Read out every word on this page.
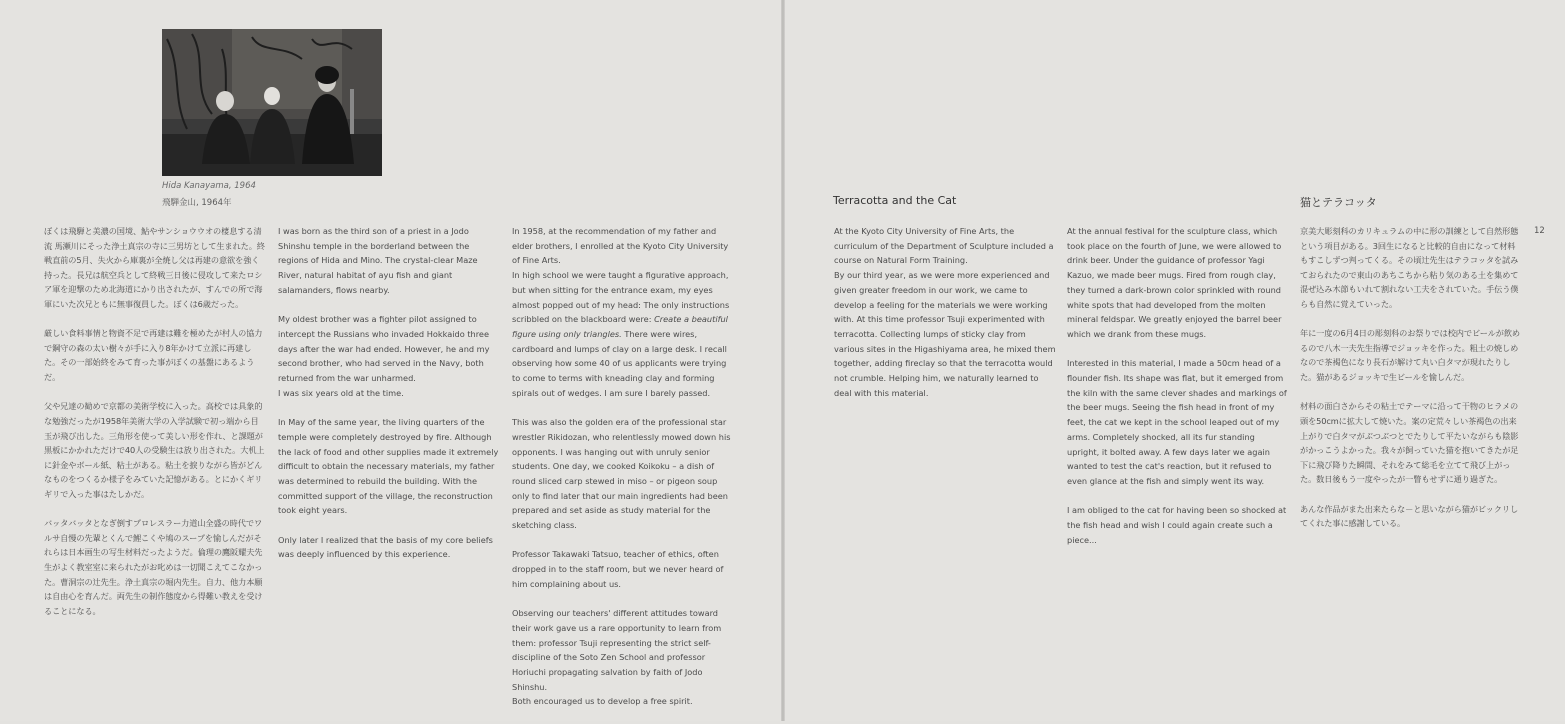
Hida Kanayama, 1964
飛騨金山, 1964年

ぼくは飛騨と美濃の国境、鮎やサンショウウオの棲息する清流 馬瀬川にそった浄土真宗の寺に三男坊として生まれた。終戦直前の5月、失火から庫裏が全焼し父は再建の意欲を強く持った。長兄は航空兵として終戦三日後に侵攻して来たロシア軍を迎撃のため北海道にかり出されたが、すんでの所で海軍にいた次兄ともに無事復員した。ぼくは6歳だった。

厳しい食料事情と物資不足で再建は難を極めたが村人の協力で鋼守の森の太い樹々が手に入り8年かけて立派に再建した。その一部始終をみて育った事がぼくの基盤にあるようだ。

父や兄達の勧めで京都の美術学校に入った。高校では具象的な勉強だったが1958年美術大学の入学試験で初っ端から目玉が飛び出した。三角形を使って美しい形を作れ、と課題が黒板にかかれただけで40人の受験生は放り出された。大机上に針金やボール紙、粘土がある。粘土を捩りながら皆がどんなものをつくるか様子をみていた記憶がある。とにかくギリギリで入った事はたしかだ。

バッタバッタとなぎ倒すプロレスラー力道山全盛の時代でワルサ自慢の先輩とくんで鯉こくや鳩のスープを愉しんだがそれらは日本画生の写生材料だったようだ。倫理の鷹阪耀夫先生がよく教室室に来られたがお叱めは一切聞こえてこなかった。曹洞宗の辻先生。浄土真宗の堀内先生。自力、他力本願は自由心を育んだ。両先生の制作態度から得難い教えを受けることになる。

I was born as the third son of a priest in a Jodo Shinshu temple in the borderland between the regions of Hida and Mino. The crystal-clear Maze River, natural habitat of ayu fish and giant salamanders, flows nearby.

My oldest brother was a fighter pilot assigned to intercept the Russians who invaded Hokkaido three days after the war had ended. However, he and my second brother, who had served in the Navy, both returned from the war unharmed.
I was six years old at the time.

In May of the same year, the living quarters of the temple were completely destroyed by fire. Although the lack of food and other supplies made it extremely difficult to obtain the necessary materials, my father was determined to rebuild the building. With the committed support of the village, the reconstruction took eight years.

Only later I realized that the basis of my core beliefs was deeply influenced by this experience.

In 1958, at the recommendation of my father and elder brothers, I enrolled at the Kyoto City University of Fine Arts.
In high school we were taught a figurative approach, but when sitting for the entrance exam, my eyes almost popped out of my head: The only instructions scribbled on the blackboard were: Create a beautiful figure using only triangles. There were wires, cardboard and lumps of clay on a large desk. I recall observing how some 40 of us applicants were trying to come to terms with kneading clay and forming spirals out of wedges. I am sure I barely passed.

This was also the golden era of the professional star wrestler Rikidozan, who relentlessly mowed down his opponents. I was hanging out with unruly senior students. One day, we cooked Koikoku – a dish of round sliced carp stewed in miso – or pigeon soup only to find later that our main ingredients had been prepared and set aside as study material for the sketching class.

Professor Takawaki Tatsuo, teacher of ethics, often dropped in to the staff room, but we never heard of him complaining about us.

Observing our teachers' different attitudes toward their work gave us a rare opportunity to learn from them: professor Tsuji representing the strict self-discipline of the Soto Zen School and professor Horiuchi propagating salvation by faith of Jodo Shinshu.
Both encouraged us to develop a free spirit.

Terracotta and the Cat	猫とテラコッタ
12

At the Kyoto City University of Fine Arts, the curriculum of the Department of Sculpture included a course on Natural Form Training.
By our third year, as we were more experienced and given greater freedom in our work, we came to develop a feeling for the materials we were working with. At this time professor Tsuji experimented with terracotta. Collecting lumps of sticky clay from various sites in the Higashiyama area, he mixed them together, adding fireclay so that the terracotta would not crumble. Helping him, we naturally learned to deal with this material.

At the annual festival for the sculpture class, which took place on the fourth of June, we were allowed to drink beer. Under the guidance of professor Yagi Kazuo, we made beer mugs. Fired from rough clay, they turned a dark-brown color sprinkled with round white spots that had developed from the molten mineral feldspar. We greatly enjoyed the barrel beer which we drank from these mugs.

Interested in this material, I made a 50cm head of a flounder fish. Its shape was flat, but it emerged from the kiln with the same clever shades and markings of the beer mugs. Seeing the fish head in front of my feet, the cat we kept in the school leaped out of my arms. Completely shocked, all its fur standing upright, it bolted away. A few days later we again wanted to test the cat's reaction, but it refused to even glance at the fish and simply went its way.

I am obliged to the cat for having been so shocked at the fish head and wish I could again create such a piece...

京美大彫刻科のカリキュラムの中に形の訓練として自然形態という項目がある。3回生になると比較的自由になって材料もすこしずつ判ってくる。その頃辻先生はテラコッタを試みておられたので東山のあちこちから粘り気のある土を集めて混ぜ込み木節もいれて割れない工夫をされていた。手伝う僕らも自然に覚えていった。

年に一度の6月4日の彫刻科のお祭りでは校内でビールが飲めるので八木一夫先生指導でジョッキを作った。粗土の焼しめなので茶褐色になり長石が解けて丸い白タマが現れたりした。猫があるジョッキで生ビールを愉しんだ。

材料の面白さからその粘土でテーマに沿って干物のヒラメの頭を50cmに拡大して焼いた。案の定荒々しい茶褐色の出来上がりで白タマがぶつぶつとでたりして平たいながらも陰影がかっこうよかった。我々が飼っていた猫を抱いてきたが足下に飛び降りた瞬間、それをみて総毛を立てて飛び上がった。数日後もう一度やったが一瞥もせずに通り過ぎた。

あんな作品がまた出来たらな－と思いながら猫がビックリしてくれた事に感謝している。
